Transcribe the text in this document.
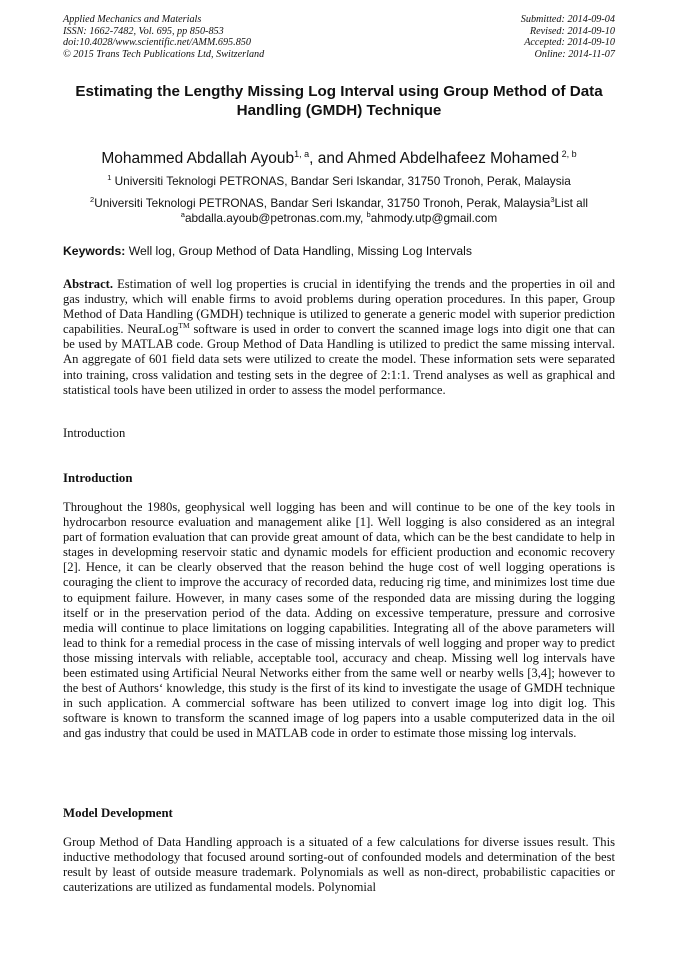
Applied Mechanics and Materials
ISSN: 1662-7482, Vol. 695, pp 850-853
doi:10.4028/www.scientific.net/AMM.695.850
© 2015 Trans Tech Publications Ltd, Switzerland
Submitted: 2014-09-04
Revised: 2014-09-10
Accepted: 2014-09-10
Online: 2014-11-07
Estimating the Lengthy Missing Log Interval using Group Method of Data Handling (GMDH) Technique
Mohammed Abdallah Ayoub$^{1, a}$, and Ahmed Abdelhafeez Mohamed $^{2, b}$
$^1$ Universiti Teknologi PETRONAS, Bandar Seri Iskandar, 31750 Tronoh, Perak, Malaysia
$^2$Universiti Teknologi PETRONAS, Bandar Seri Iskandar, 31750 Tronoh, Perak, Malaysia$^3$List all
$^a$abdalla.ayoub@petronas.com.my, $^b$ahmody.utp@gmail.com
Keywords: Well log, Group Method of Data Handling, Missing Log Intervals
Abstract. Estimation of well log properties is crucial in identifying the trends and the properties in oil and gas industry, which will enable firms to avoid problems during operation procedures. In this paper, Group Method of Data Handling (GMDH) technique is utilized to generate a generic model with superior prediction capabilities. NeuraLog™ software is used in order to convert the scanned image logs into digit one that can be used by MATLAB code. Group Method of Data Handling is utilized to predict the same missing interval. An aggregate of 601 field data sets were utilized to create the model. These information sets were separated into training, cross validation and testing sets in the degree of 2:1:1. Trend analyses as well as graphical and statistical tools have been utilized in order to assess the model performance.
Introduction
Introduction
Throughout the 1980s, geophysical well logging has been and will continue to be one of the key tools in hydrocarbon resource evaluation and management alike [1]. Well logging is also considered as an integral part of formation evaluation that can provide great amount of data, which can be the best candidate to help in stages in developming reservoir static and dynamic models for efficient production and economic recovery [2]. Hence, it can be clearly observed that the reason behind the huge cost of well logging operations is couraging the client to improve the accuracy of recorded data, reducing rig time, and minimizes lost time due to equipment failure. However, in many cases some of the responded data are missing during the logging itself or in the preservation period of the data. Adding on excessive temperature, pressure and corrosive media will continue to place limitations on logging capabilities. Integrating all of the above parameters will lead to think for a remedial process in the case of missing intervals of well logging and proper way to predict those missing intervals with reliable, acceptable tool, accuracy and cheap. Missing well log intervals have been estimated using Artificial Neural Networks either from the same well or nearby wells [3,4]; however to the best of Authors‘ knowledge, this study is the first of its kind to investigate the usage of GMDH technique in such application. A commercial software has been utilized to convert image log into digit log. This software is known to transform the scanned image of log papers into a usable computerized data in the oil and gas industry that could be used in MATLAB code in order to estimate those missing log intervals.
Model Development
Group Method of Data Handling approach is a situated of a few calculations for diverse issues result. This inductive methodology that focused around sorting-out of confounded models and determination of the best result by least of outside measure trademark. Polynomials as well as non-direct, probabilistic capacities or cauterizations are utilized as fundamental models. Polynomial
